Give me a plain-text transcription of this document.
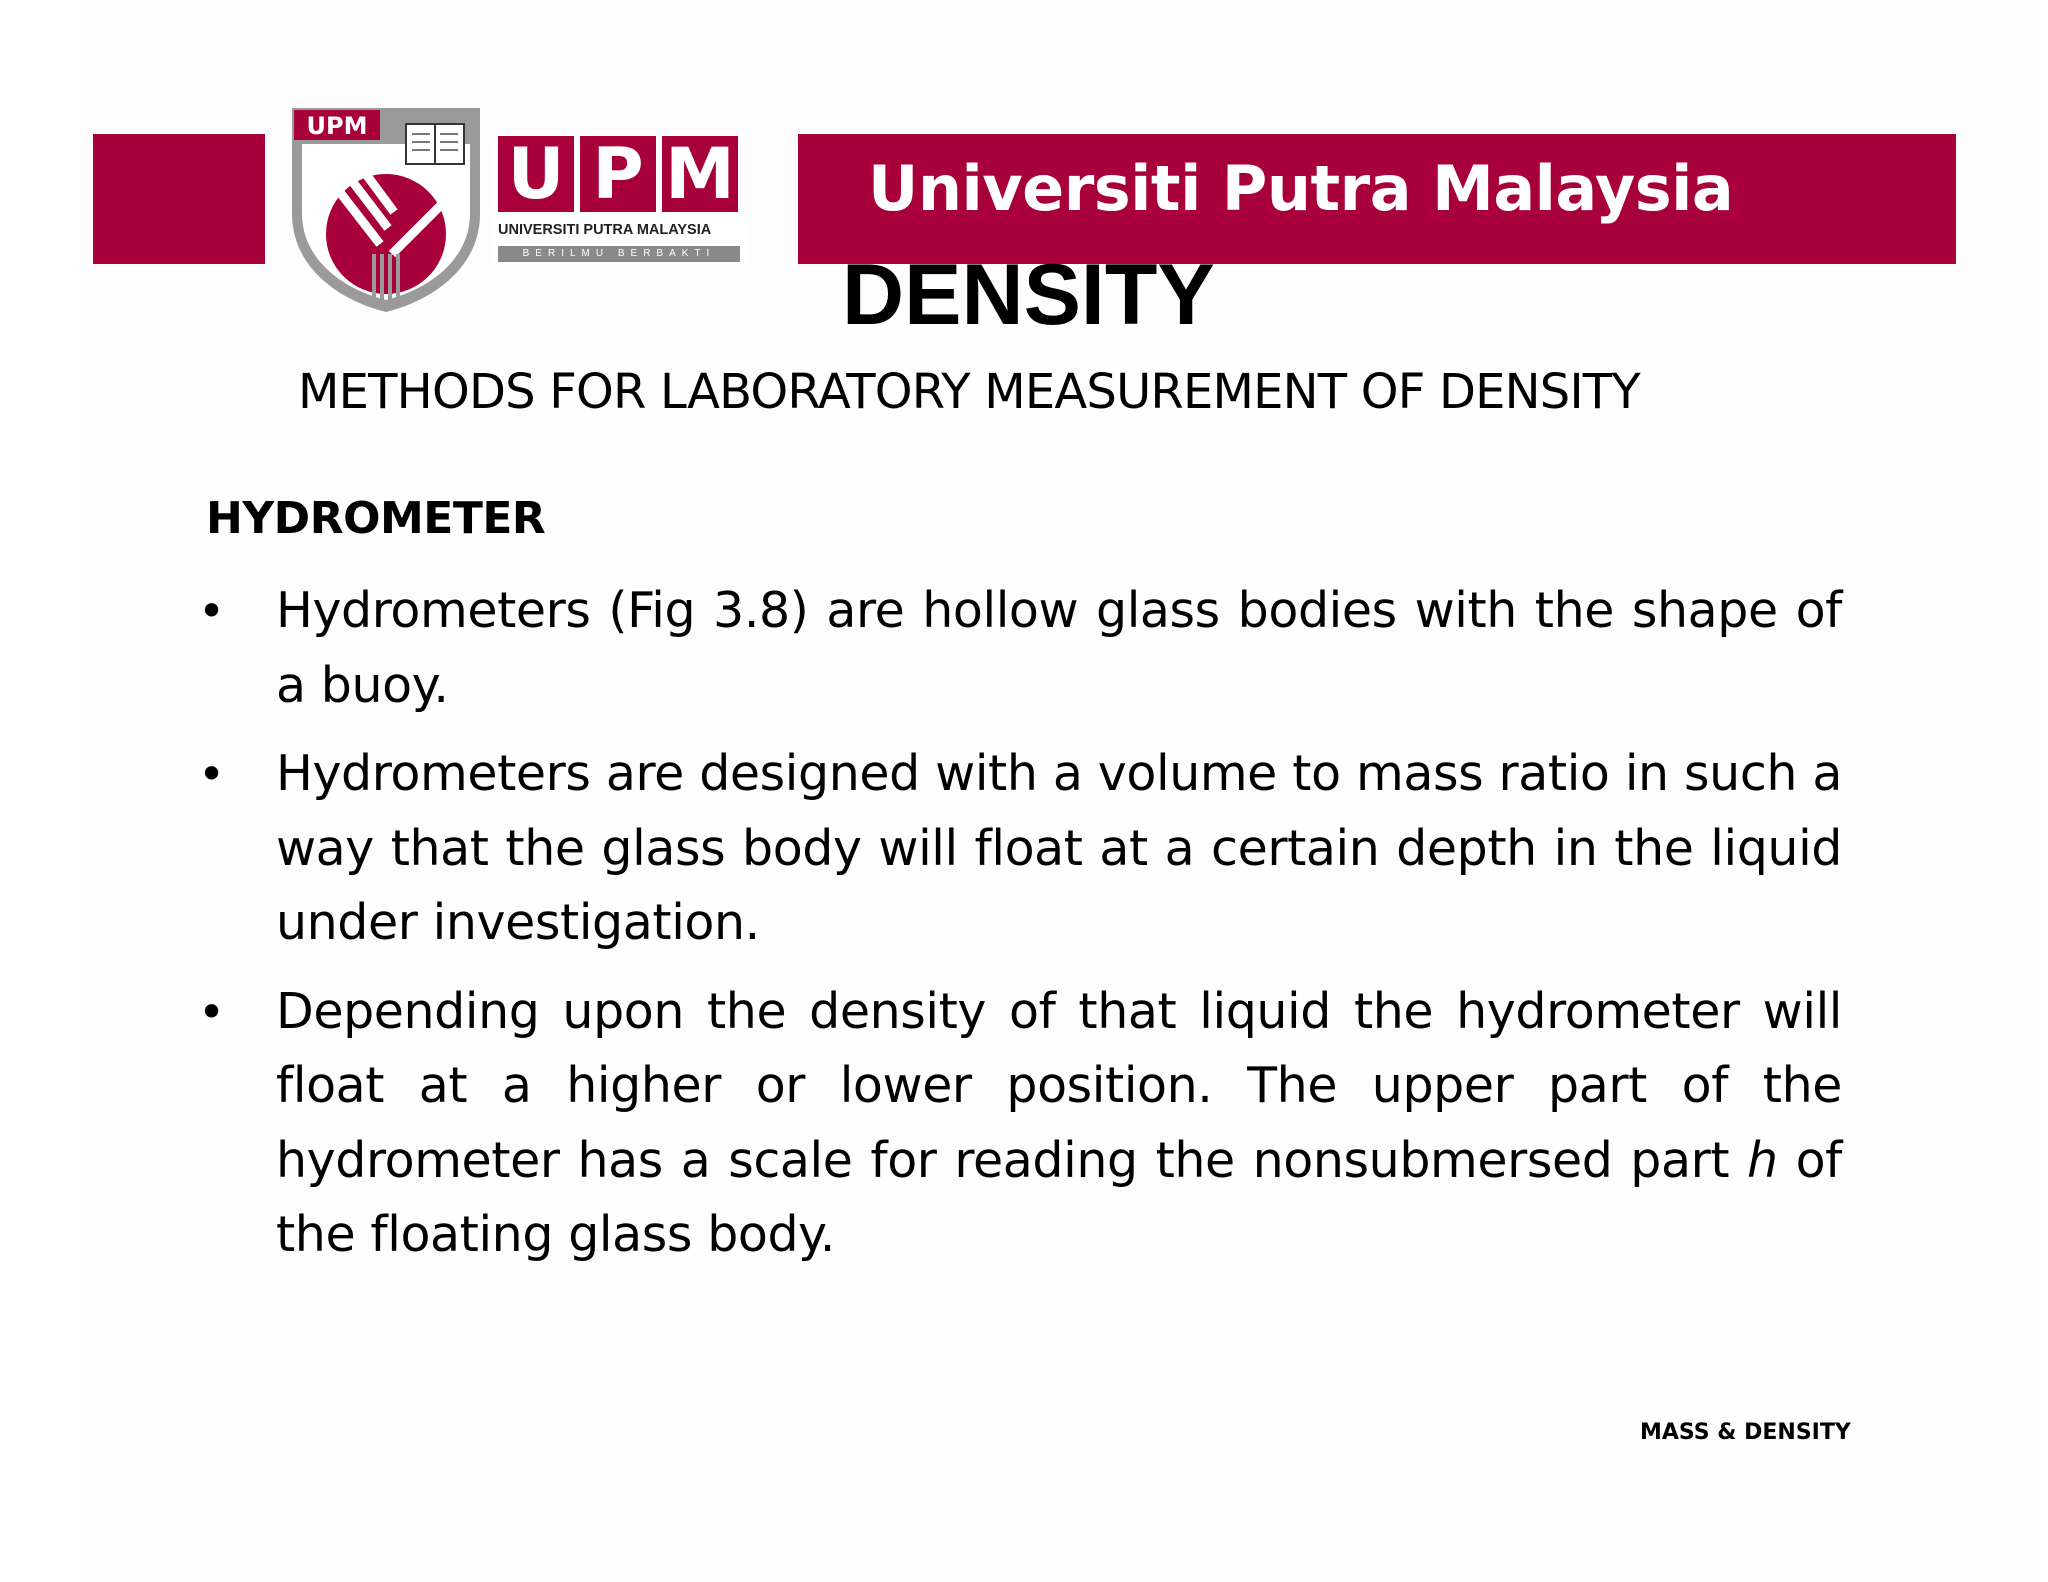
UPM
U P M
UNIVERSITI PUTRA MALAYSIA
BERILMU BERBAKTI
Universiti Putra Malaysia
DENSITY
METHODS FOR LABORATORY MEASUREMENT OF DENSITY
HYDROMETER
• Hydrometers (Fig 3.8) are hollow glass bodies with the shape of a buoy.
• Hydrometers are designed with a volume to mass ratio in such a way that the glass body will float at a certain depth in the liquid under investigation.
• Depending upon the density of that liquid the hydrometer will float at a higher or lower position. The upper part of the hydrometer has a scale for reading the nonsubmersed part h of the floating glass body.
MASS & DENSITY
